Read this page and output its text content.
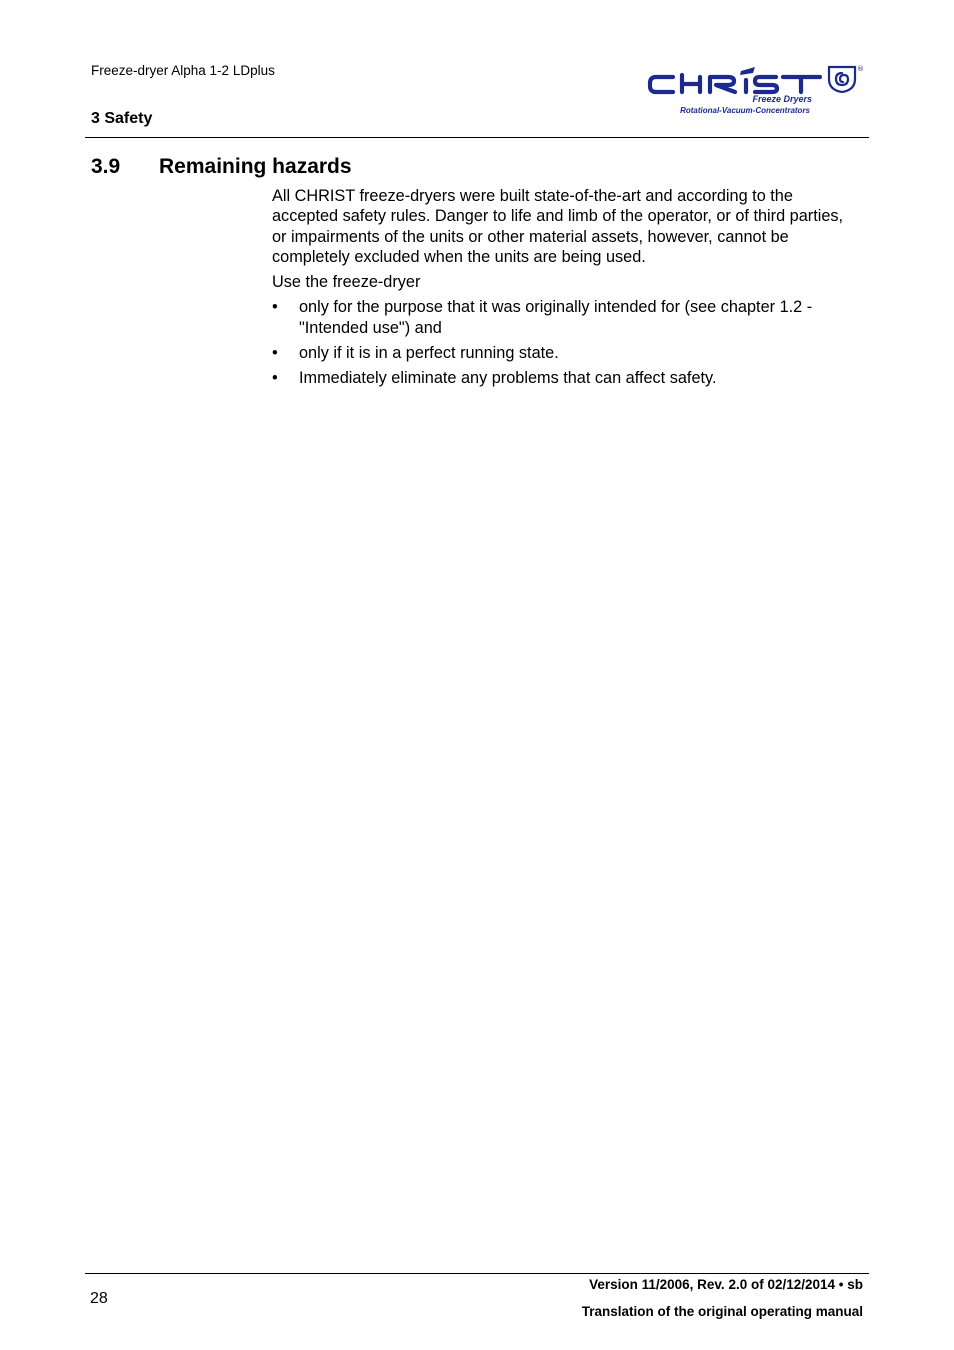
Freeze-dryer Alpha 1-2 LDplus
3 Safety
®
Freeze Dryers
Rotational-Vacuum-Concentrators
3.9 Remaining hazards

All CHRIST freeze-dryers were built state-of-the-art and according to the accepted safety rules. Danger to life and limb of the operator, or of third parties, or impairments of the units or other material assets, however, cannot be completely excluded when the units are being used.

Use the freeze-dryer

• only for the purpose that it was originally intended for (see chapter 1.2 - "Intended use") and
• only if it is in a perfect running state.
• Immediately eliminate any problems that can affect safety.
28
Version 11/2006, Rev. 2.0 of 02/12/2014 • sb
Translation of the original operating manual
